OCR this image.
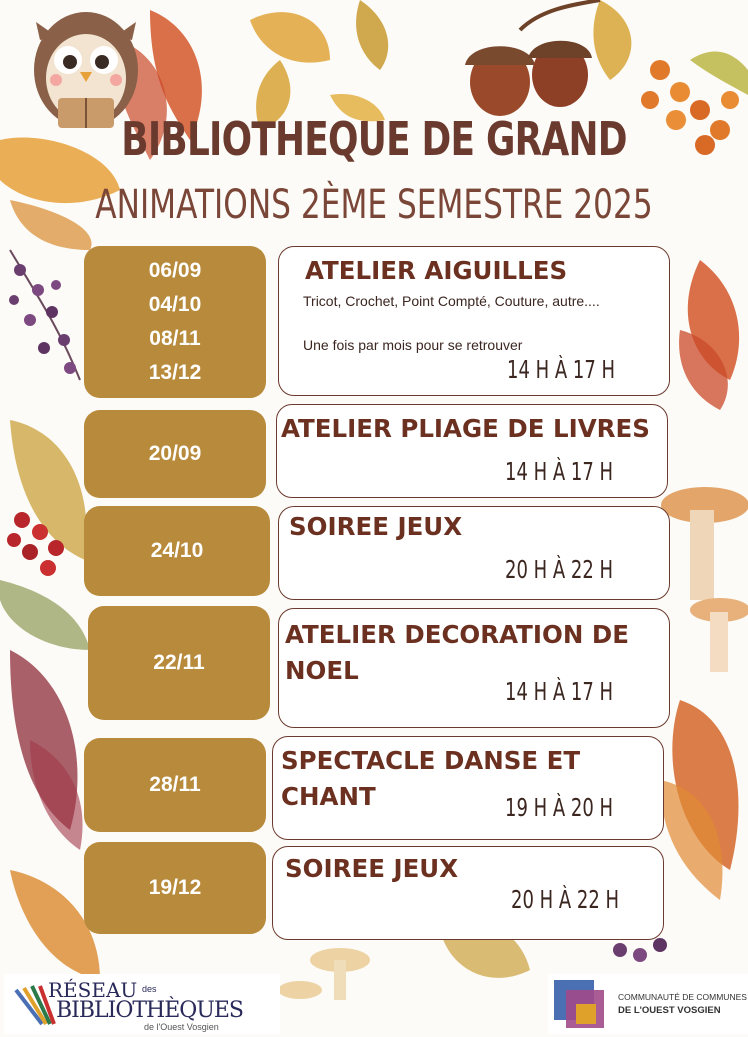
BIBLIOTHEQUE DE GRAND
ANIMATIONS 2ÈME SEMESTRE 2025
06/09
04/10
08/11
13/12
ATELIER AIGUILLES
Tricot, Crochet, Point Compté, Couture, autre....
Une fois par mois pour se retrouver
14 H À 17 H
20/09
ATELIER PLIAGE DE LIVRES
14 H À 17 H
24/10
SOIREE JEUX
20 H À 22 H
22/11
ATELIER DECORATION DE
NOEL
14 H À 17 H
28/11
SPECTACLE DANSE ET
CHANT	19 H À 20 H
19/12
SOIREE JEUX
20 H À 22 H
RÉSEAU des
BIBLIOTHÈQUES
de l'Ouest Vosgien
COMMUNAUTÉ DE COMMUNES
DE L'OUEST VOSGIEN
